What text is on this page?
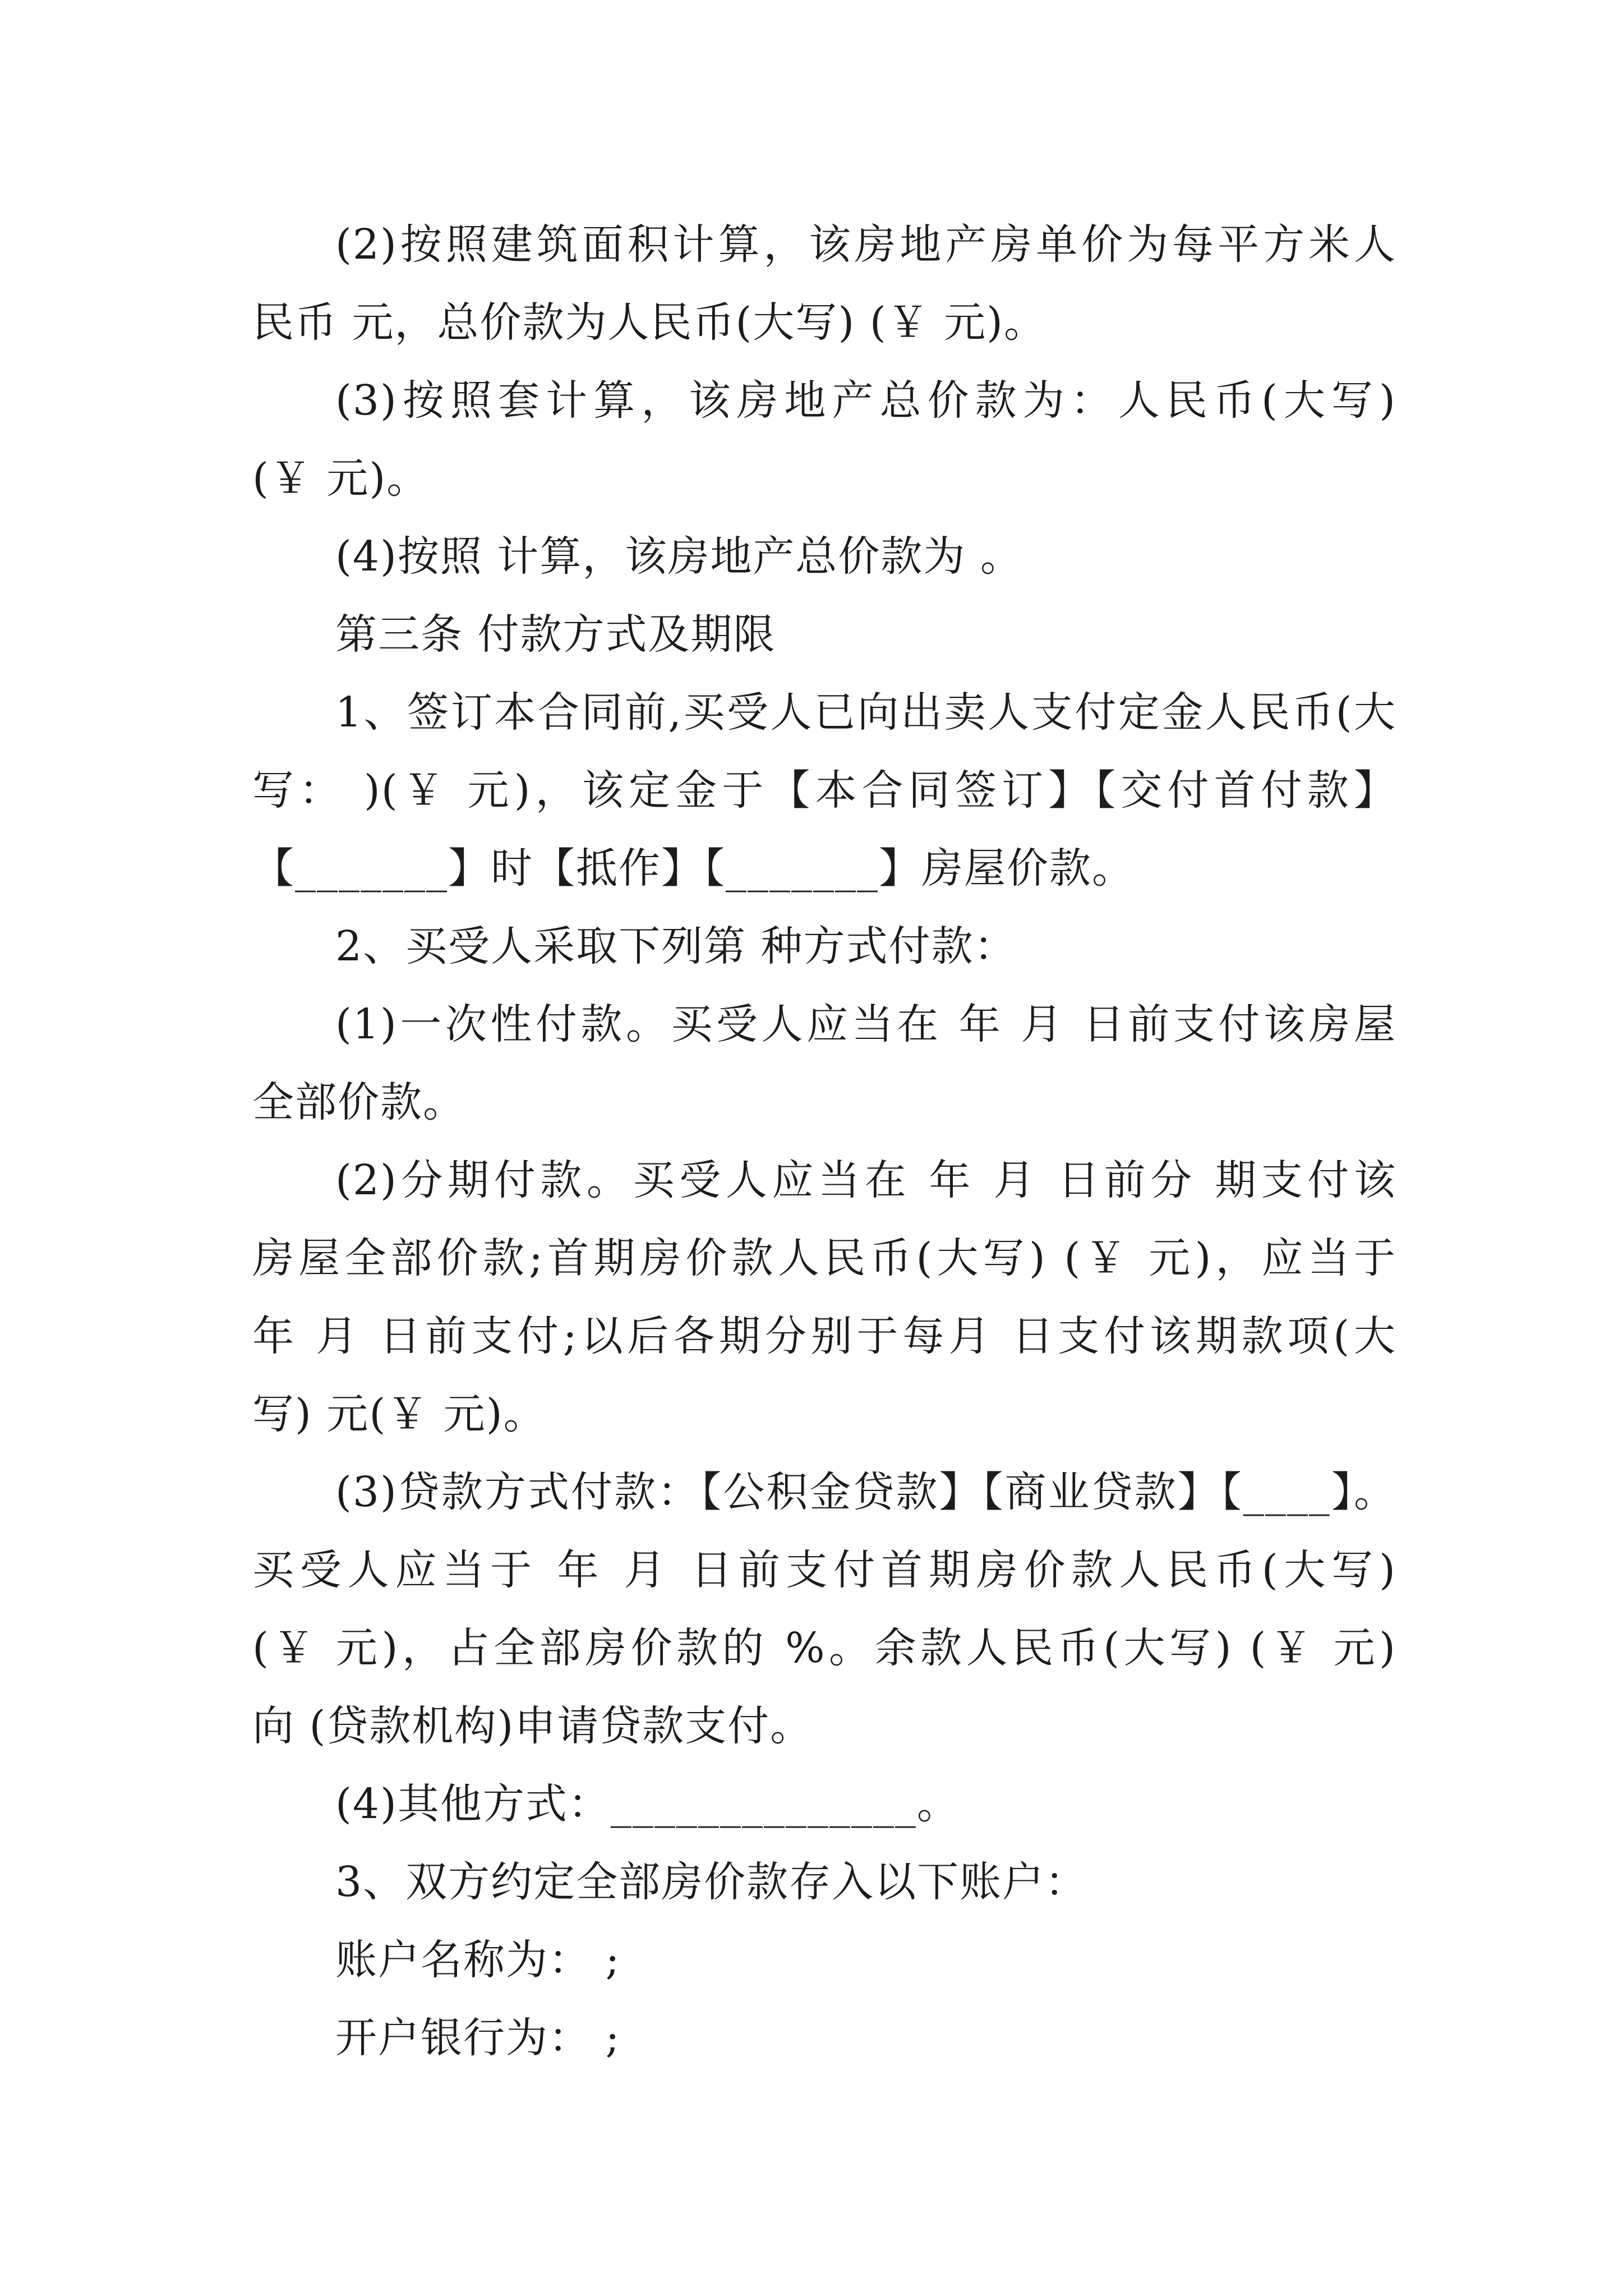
(2)按照建筑面积计算，该房地产房单价为每平方米人
民币 元，总价款为人民币(大写) (￥ 元)。
(3)按照套计算，该房地产总价款为：人民币(大写)
(￥ 元)。
(4)按照 计算，该房地产总价款为 。
第三条 付款方式及期限
1、签订本合同前,买受人已向出卖人支付定金人民币(大
写： )(￥ 元)，该定金于【本合同签订】【交付首付款】
【_______】时【抵作】【_______】房屋价款。
2、买受人采取下列第 种方式付款：
(1)一次性付款。买受人应当在 年 月 日前支付该房屋
全部价款。
(2)分期付款。买受人应当在 年 月 日前分 期支付该
房屋全部价款;首期房价款人民币(大写) (￥ 元)，应当于
年 月 日前支付;以后各期分别于每月 日支付该期款项(大
写) 元(￥ 元)。
(3)贷款方式付款：【公积金贷款】【商业贷款】【____】。
买受人应当于 年 月 日前支付首期房价款人民币(大写)
(￥ 元)，占全部房价款的 %。余款人民币(大写) (￥ 元)
向 (贷款机构)申请贷款支付。
(4)其他方式：______________。
3、双方约定全部房价款存入以下账户：
账户名称为： ;
开户银行为： ;
